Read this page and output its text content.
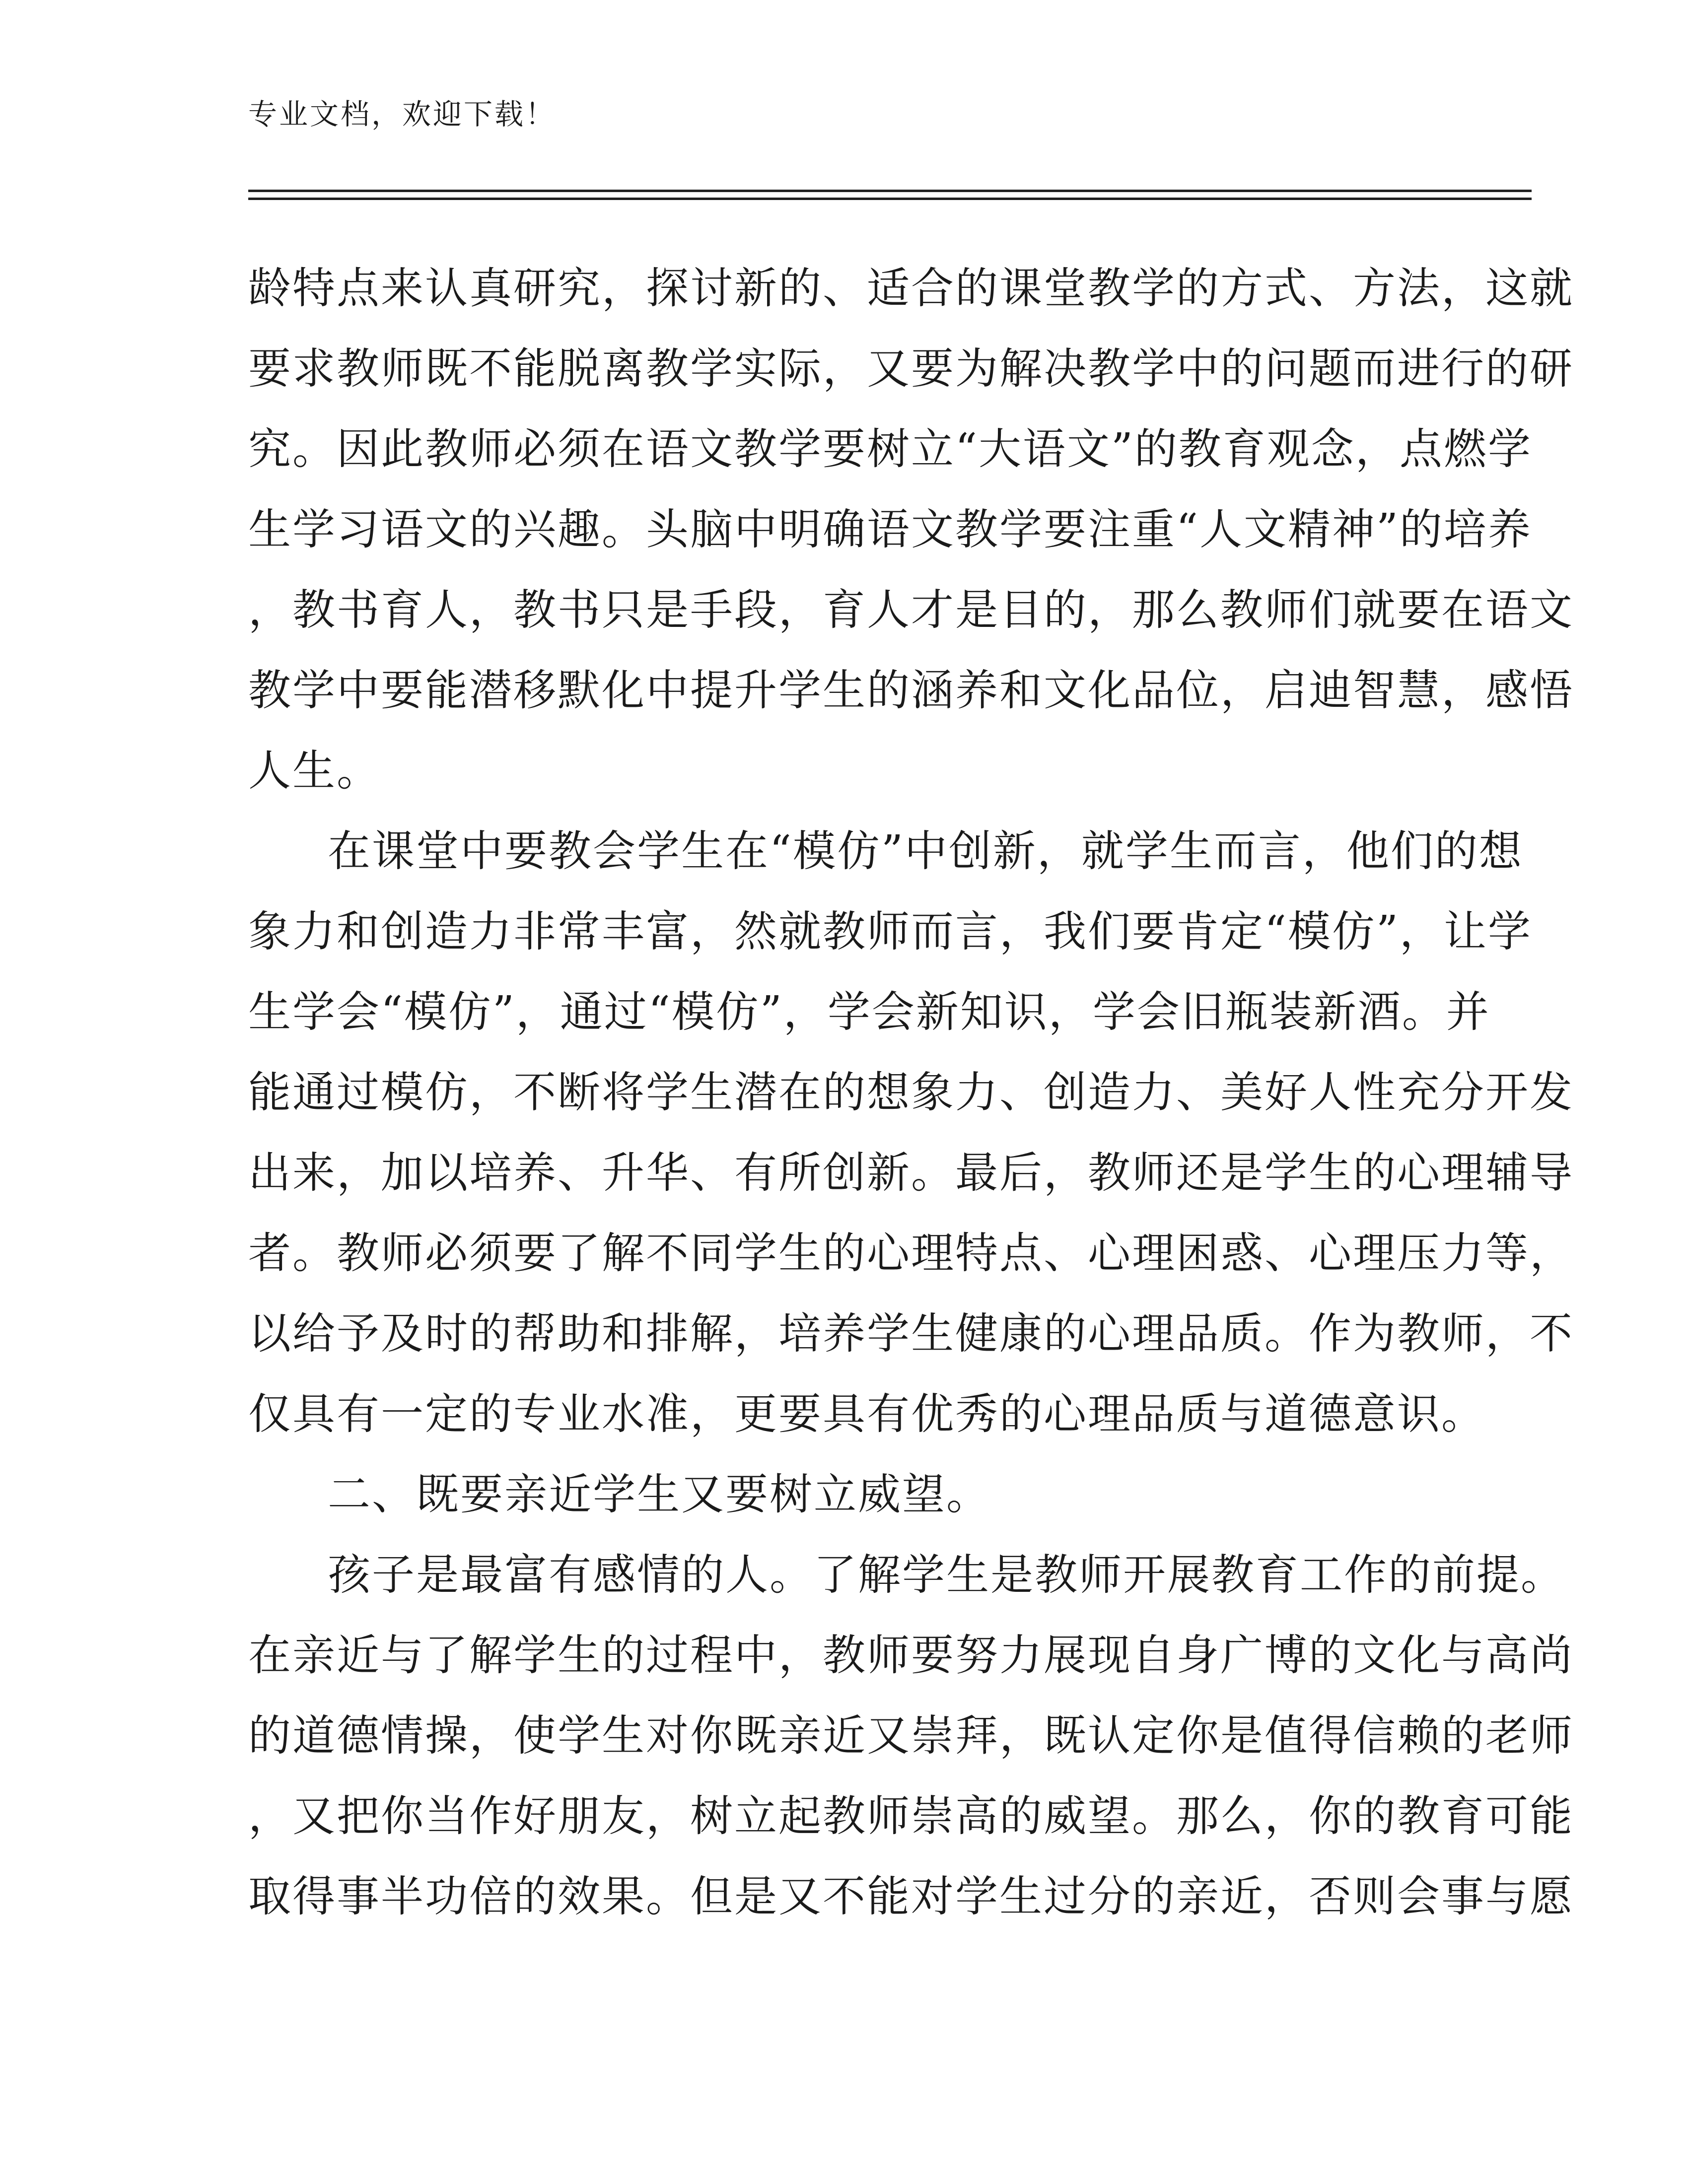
专业文档，欢迎下载！
龄特点来认真研究，探讨新的、适合的课堂教学的方式、方法，这就
要求教师既不能脱离教学实际，又要为解决教学中的问题而进行的研
究。因此教师必须在语文教学要树立“大语文”的教育观念，点燃学
生学习语文的兴趣。头脑中明确语文教学要注重“人文精神”的培养
，教书育人，教书只是手段，育人才是目的，那么教师们就要在语文
教学中要能潜移默化中提升学生的涵养和文化品位，启迪智慧，感悟
人生。
在课堂中要教会学生在“模仿”中创新，就学生而言，他们的想
象力和创造力非常丰富，然就教师而言，我们要肯定“模仿”，让学
生学会“模仿”，通过“模仿”，学会新知识，学会旧瓶装新酒。并
能通过模仿，不断将学生潜在的想象力、创造力、美好人性充分开发
出来，加以培养、升华、有所创新。最后，教师还是学生的心理辅导
者。教师必须要了解不同学生的心理特点、心理困惑、心理压力等，
以给予及时的帮助和排解，培养学生健康的心理品质。作为教师，不
仅具有一定的专业水准，更要具有优秀的心理品质与道德意识。
二、既要亲近学生又要树立威望。
孩子是最富有感情的人。了解学生是教师开展教育工作的前提。
在亲近与了解学生的过程中，教师要努力展现自身广博的文化与高尚
的道德情操，使学生对你既亲近又崇拜，既认定你是值得信赖的老师
，又把你当作好朋友，树立起教师崇高的威望。那么，你的教育可能
取得事半功倍的效果。但是又不能对学生过分的亲近，否则会事与愿
